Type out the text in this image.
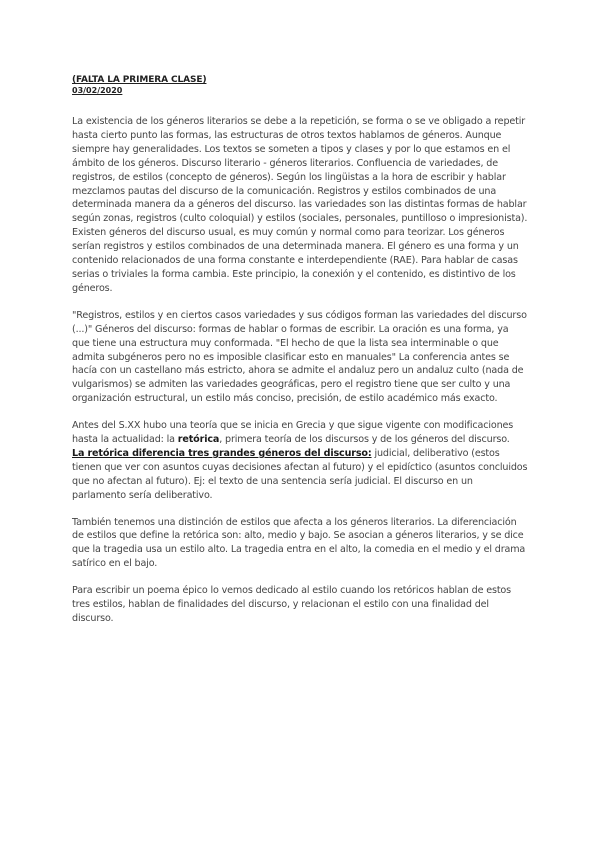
(FALTA LA PRIMERA CLASE)
03/02/2020

La existencia de los géneros literarios se debe a la repetición, se forma o se ve obligado a repetir hasta cierto punto las formas, las estructuras de otros textos hablamos de géneros. Aunque siempre hay generalidades. Los textos se someten a tipos y clases y por lo que estamos en el ámbito de los géneros. Discurso literario - géneros literarios. Confluencia de variedades, de registros, de estilos (concepto de géneros). Según los lingüistas a la hora de escribir y hablar mezclamos pautas del discurso de la comunicación. Registros y estilos combinados de una determinada manera da a géneros del discurso. las variedades son las distintas formas de hablar según zonas, registros (culto coloquial) y estilos (sociales, personales, puntilloso o impresionista). Existen géneros del discurso usual, es muy común y normal como para teorizar. Los géneros serían registros y estilos combinados de una determinada manera. El género es una forma y un contenido relacionados de una forma constante e interdependiente (RAE). Para hablar de casas serias o triviales la forma cambia. Este principio, la conexión y el contenido, es distintivo de los géneros.

"Registros, estilos y en ciertos casos variedades y sus códigos forman las variedades del discurso (...)" Géneros del discurso: formas de hablar o formas de escribir. La oración es una forma, ya que tiene una estructura muy conformada. "El hecho de que la lista sea interminable o que admita subgéneros pero no es imposible clasificar esto en manuales" La conferencia antes se hacía con un castellano más estricto, ahora se admite el andaluz pero un andaluz culto (nada de vulgarismos) se admiten las variedades geográficas, pero el registro tiene que ser culto y una organización estructural, un estilo más conciso, precisión, de estilo académico más exacto.

Antes del S.XX hubo una teoría que se inicia en Grecia y que sigue vigente con modificaciones hasta la actualidad: la retórica, primera teoría de los discursos y de los géneros del discurso.
La retórica diferencia tres grandes géneros del discurso: judicial, deliberativo (estos tienen que ver con asuntos cuyas decisiones afectan al futuro) y el epidíctico (asuntos concluidos que no afectan al futuro). Ej: el texto de una sentencia sería judicial. El discurso en un parlamento sería deliberativo.

También tenemos una distinción de estilos que afecta a los géneros literarios. La diferenciación de estilos que define la retórica son: alto, medio y bajo. Se asocian a géneros literarios, y se dice que la tragedia usa un estilo alto. La tragedia entra en el alto, la comedia en el medio y el drama satírico en el bajo.

Para escribir un poema épico lo vemos dedicado al estilo cuando los retóricos hablan de estos tres estilos, hablan de finalidades del discurso, y relacionan el estilo con una finalidad del discurso.
